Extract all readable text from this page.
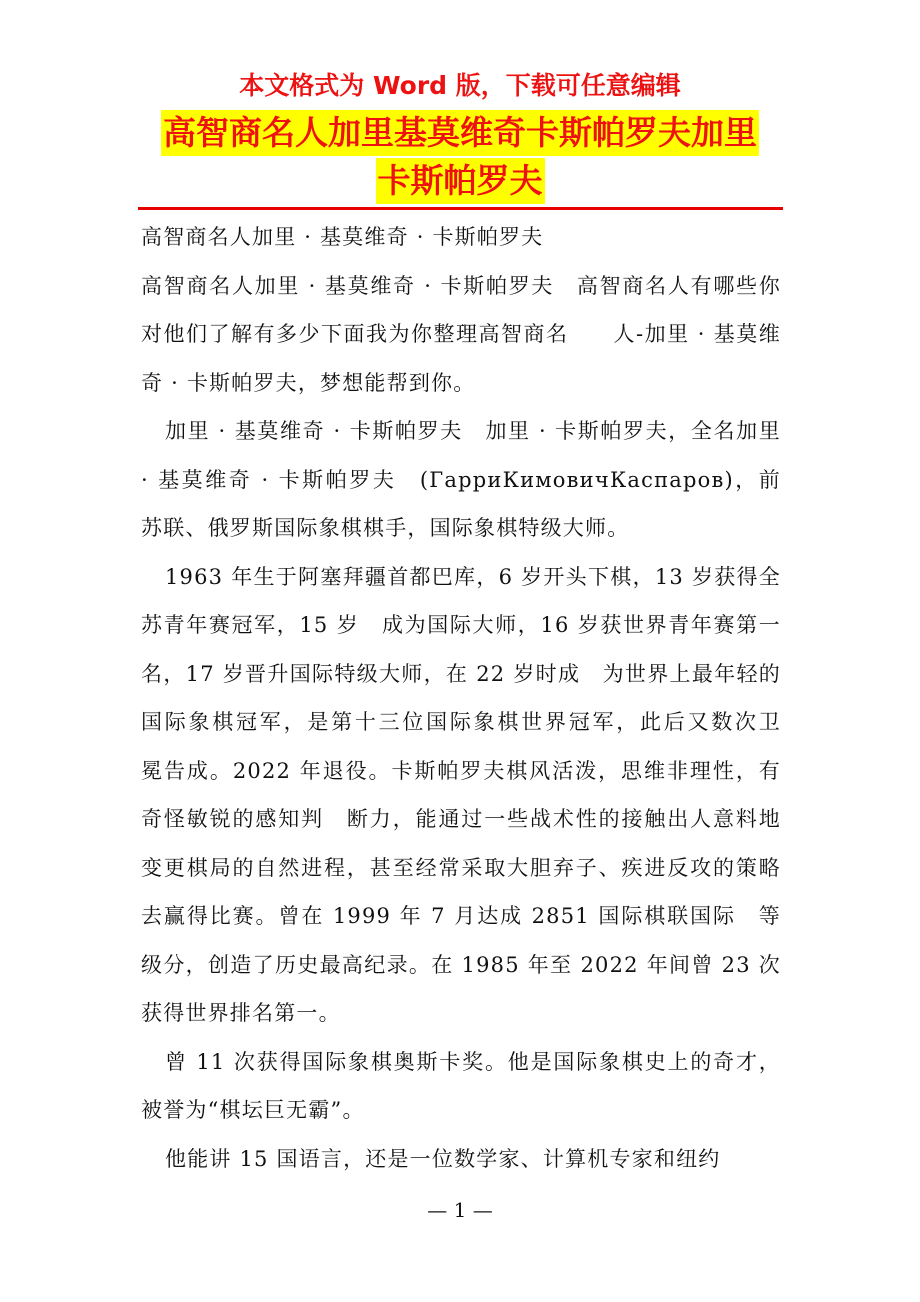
本文格式为 Word 版，下载可任意编辑
高智商名人加里基莫维奇卡斯帕罗夫加里
卡斯帕罗夫

高智商名人加里 · 基莫维奇 · 卡斯帕罗夫

高智商名人加里 · 基莫维奇 · 卡斯帕罗夫　高智商名人有哪些你对他们了解有多少下面我为你整理高智商名　　人-加里 · 基莫维奇 · 卡斯帕罗夫，梦想能帮到你。

加里 · 基莫维奇 · 卡斯帕罗夫　加里 · 卡斯帕罗夫，全名加里 · 基莫维奇 · 卡斯帕罗夫　(ГарриКимовичКаспаров)，前苏联、俄罗斯国际象棋棋手，国际象棋特级大师。

1963 年生于阿塞拜疆首都巴库，6 岁开头下棋，13 岁获得全苏青年赛冠军，15 岁　成为国际大师，16 岁获世界青年赛第一名，17 岁晋升国际特级大师，在 22 岁时成　为世界上最年轻的国际象棋冠军，是第十三位国际象棋世界冠军，此后又数次卫　冕告成。2022 年退役。卡斯帕罗夫棋风活泼，思维非理性，有奇怪敏锐的感知判　断力，能通过一些战术性的接触出人意料地变更棋局的自然进程，甚至经常采取大胆弃子、疾进反攻的策略去赢得比赛。曾在 1999 年 7 月达成 2851 国际棋联国际　等级分，创造了历史最高纪录。在 1985 年至 2022 年间曾 23 次获得世界排名第一。

曾 11 次获得国际象棋奥斯卡奖。他是国际象棋史上的奇才，被誉为“棋坛巨无霸”。

他能讲 15 国语言，还是一位数学家、计算机专家和纽约

— 1 —
